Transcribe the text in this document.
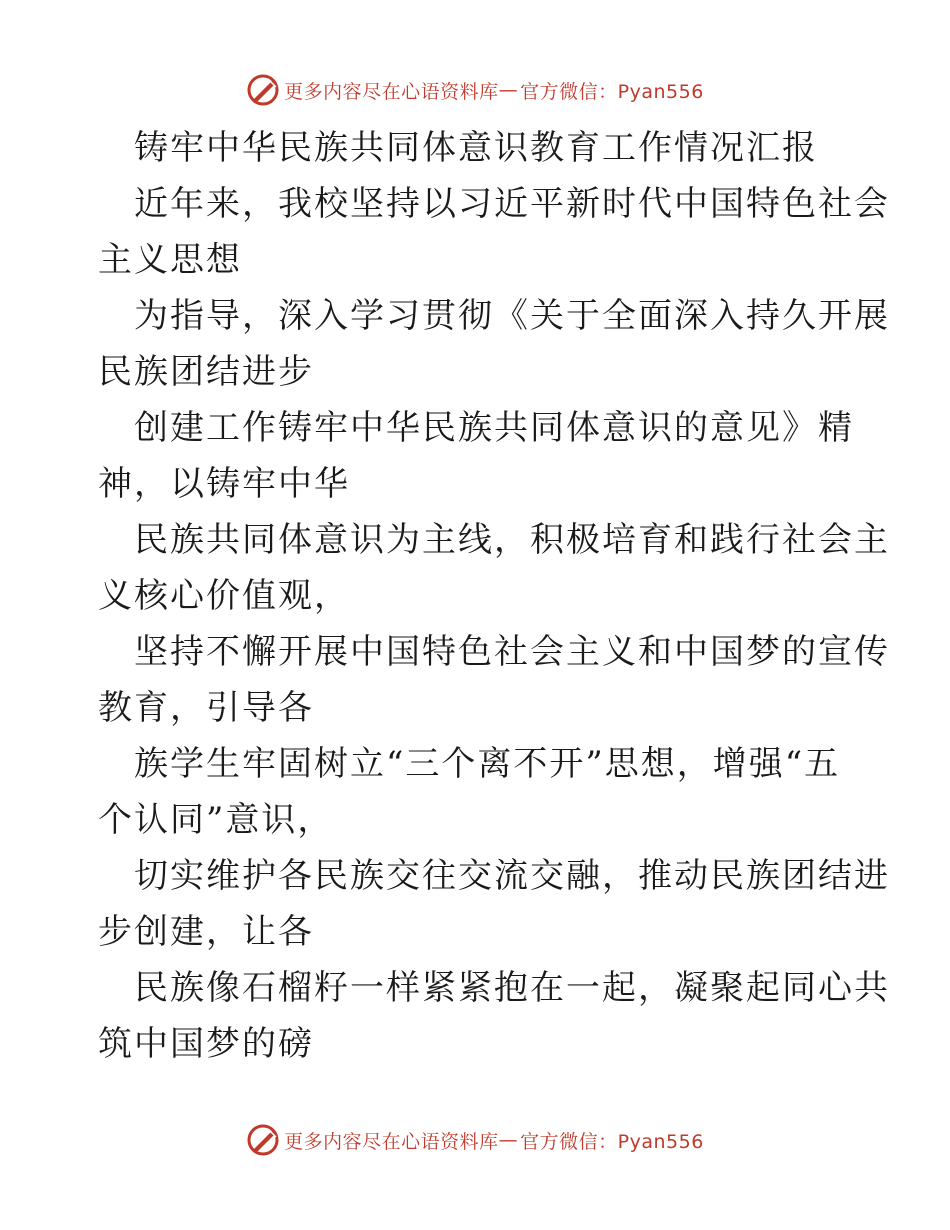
更多内容尽在心语资料库 — 官方微信：Pyan556
铸牢中华民族共同体意识教育工作情况汇报
近年来，我校坚持以习近平新时代中国特色社会
主义思想
为指导，深入学习贯彻《关于全面深入持久开展
民族团结进步
创建工作铸牢中华民族共同体意识的意见》精
神，以铸牢中华
民族共同体意识为主线，积极培育和践行社会主
义核心价值观，
坚持不懈开展中国特色社会主义和中国梦的宣传
教育，引导各
族学生牢固树立“三个离不开”思想，增强“五
个认同”意识，
切实维护各民族交往交流交融，推动民族团结进
步创建，让各
民族像石榴籽一样紧紧抱在一起，凝聚起同心共
筑中国梦的磅
更多内容尽在心语资料库 — 官方微信：Pyan556
